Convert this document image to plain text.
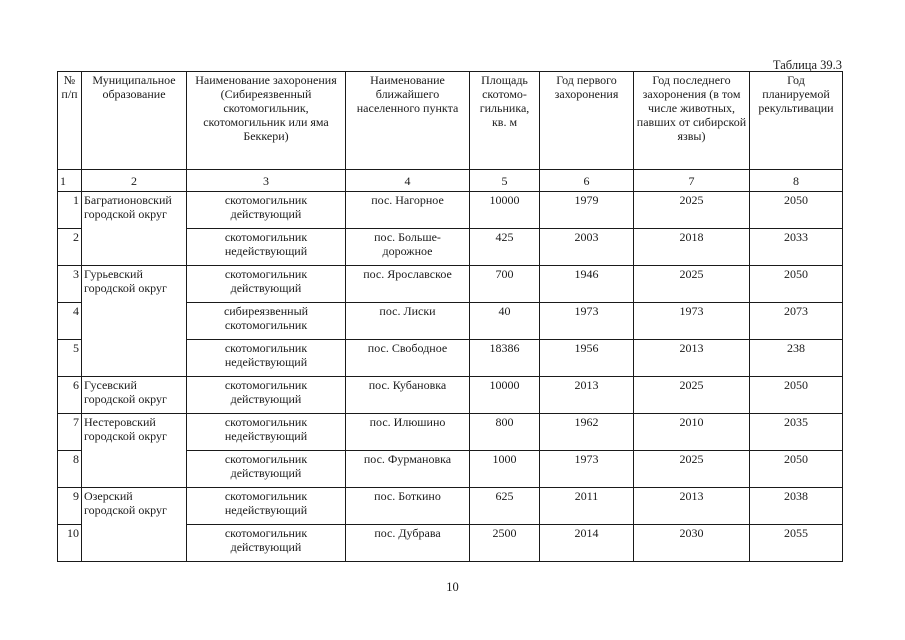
Таблица 39.3
№ п/п	Муниципальное образование	Наименование захоронения (Сибиреязвенный скотомогильник, скотомогильник или яма Беккери)	Наименование ближайшего населенного пункта	Площадь скотомо- гильника, кв. м	Год первого захоронения	Год последнего захоронения (в том числе животных, павших от сибирской язвы)	Год планируемой рекультивации
1	2	3	4	5	6	7	8
1	Багратионовский городской округ	скотомогильник действующий	пос. Нагорное	10000	1979	2025	2050
2		скотомогильник недействующий	пос. Больше- дорожное	425	2003	2018	2033
3	Гурьевский городской округ	скотомогильник действующий	пос. Ярославское	700	1946	2025	2050
4		сибиреязвенный скотомогильник	пос. Лиски	40	1973	1973	2073
5		скотомогильник недействующий	пос. Свободное	18386	1956	2013	238
6	Гусевский городской округ	скотомогильник действующий	пос. Кубановка	10000	2013	2025	2050
7	Нестеровский городской округ	скотомогильник недействующий	пос. Илюшино	800	1962	2010	2035
8		скотомогильник действующий	пос. Фурмановка	1000	1973	2025	2050
9	Озерский городской округ	скотомогильник недействующий	пос. Боткино	625	2011	2013	2038
10		скотомогильник действующий	пос. Дубрава	2500	2014	2030	2055
10
